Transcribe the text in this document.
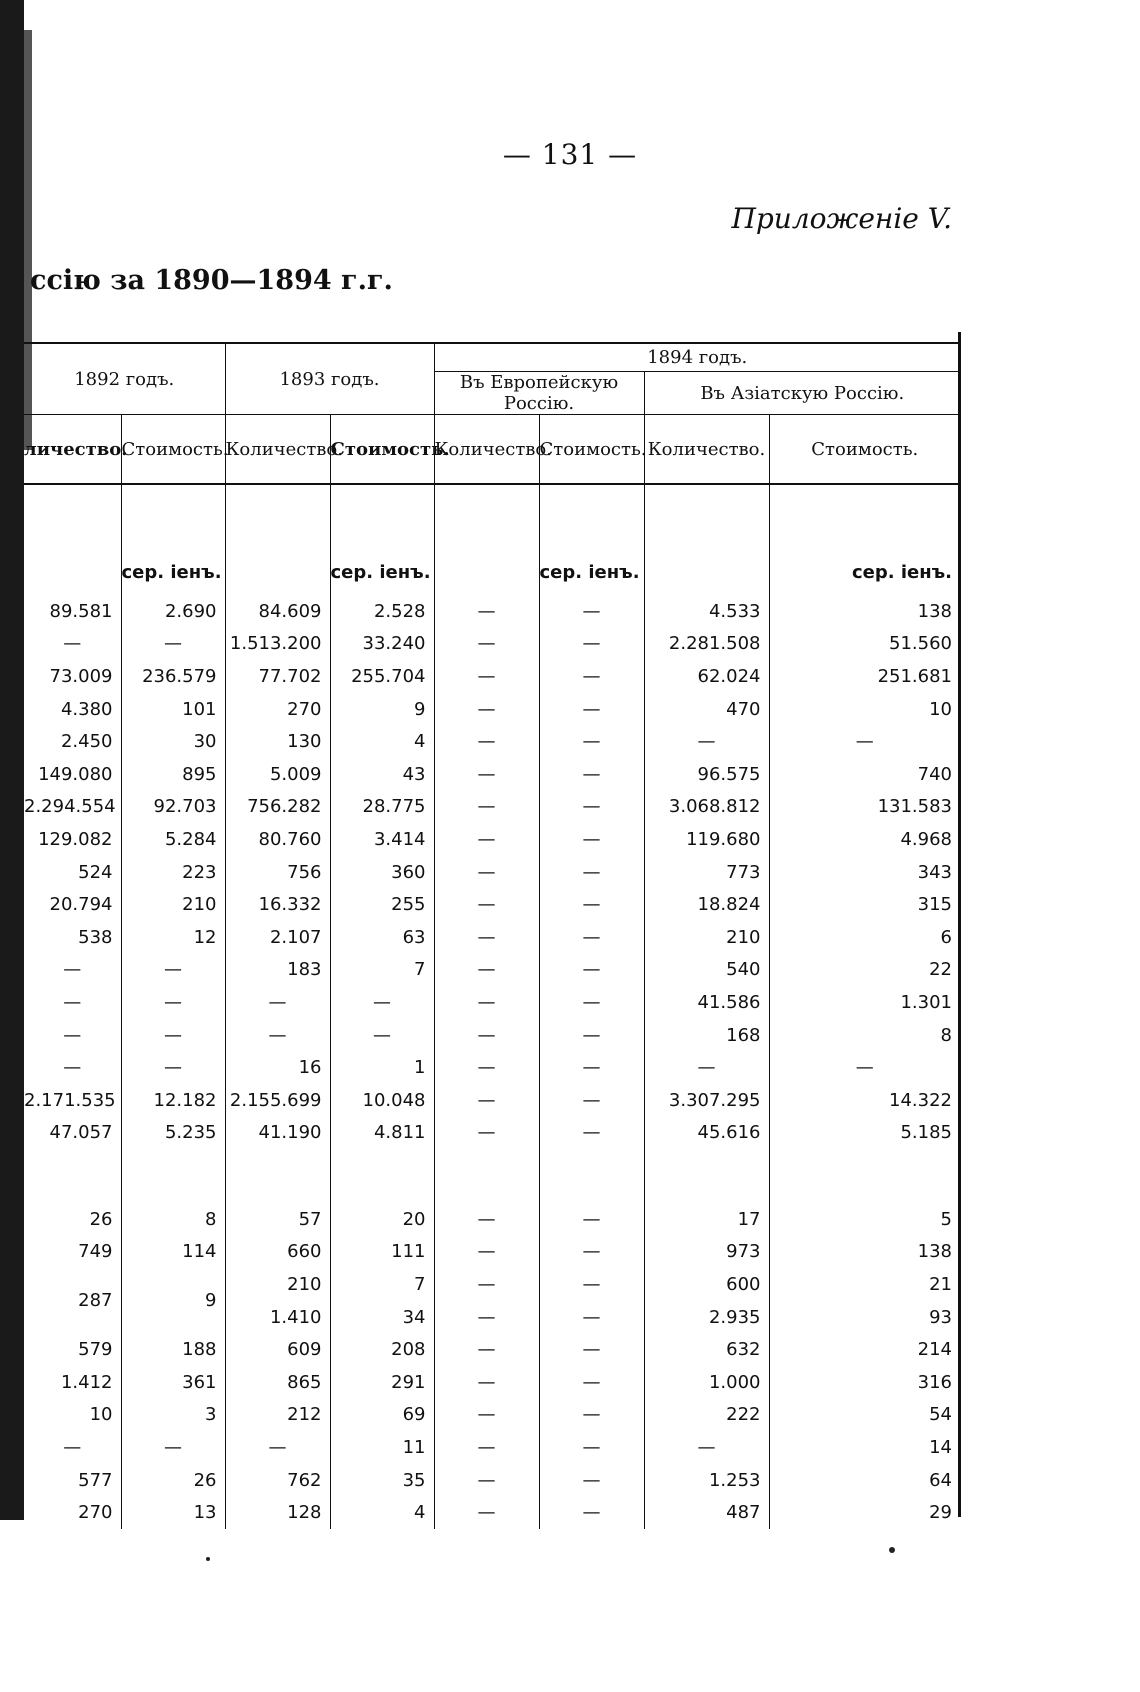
— 131 —
Приложеніе V.
ссію за 1890—1894 г.г.
1892 годъ.		1893 годъ.		1894 годъ.			
				Въ Европейскую Россію.		Въ Азіатскую Россію.	
личество.	Стоимость.	Количество.	Стоимость.	Количество.	Стоимость.	Количество.	Стоимость.
	сер. іенъ.		сер. іенъ.		сер. іенъ.		сер. іенъ.
89.581	2.690	84.609	2.528	—	—	4.533	138
—	—	1.513.200	33.240	—	—	2.281.508	51.560
73.009	236.579	77.702	255.704	—	—	62.024	251.681
4.380	101	270	9	—	—	470	10
2.450	30	130	4	—	—	—	—
149.080	895	5.009	43	—	—	96.575	740
2.294.554	92.703	756.282	28.775	—	—	3.068.812	131.583
129.082	5.284	80.760	3.414	—	—	119.680	4.968
524	223	756	360	—	—	773	343
20.794	210	16.332	255	—	—	18.824	315
538	12	2.107	63	—	—	210	6
—	—	183	7	—	—	540	22
—	—	—	—	—	—	41.586	1.301
—	—	—	—	—	—	168	8
—	—	16	1	—	—	—	—
2.171.535	12.182	2.155.699	10.048	—	—	3.307.295	14.322
47.057	5.235	41.190	4.811	—	—	45.616	5.185

26	8	57	20	—	—	17	5
749	114	660	111	—	—	973	138
287	9	210	7	—	—	600	21
		1.410	34	—	—	2.935	93
579	188	609	208	—	—	632	214
1.412	361	865	291	—	—	1.000	316
10	3	212	69	—	—	222	54
—	—	—	11	—	—	—	14
577	26	762	35	—	—	1.253	64
270	13	128	4	—	—	487	29
